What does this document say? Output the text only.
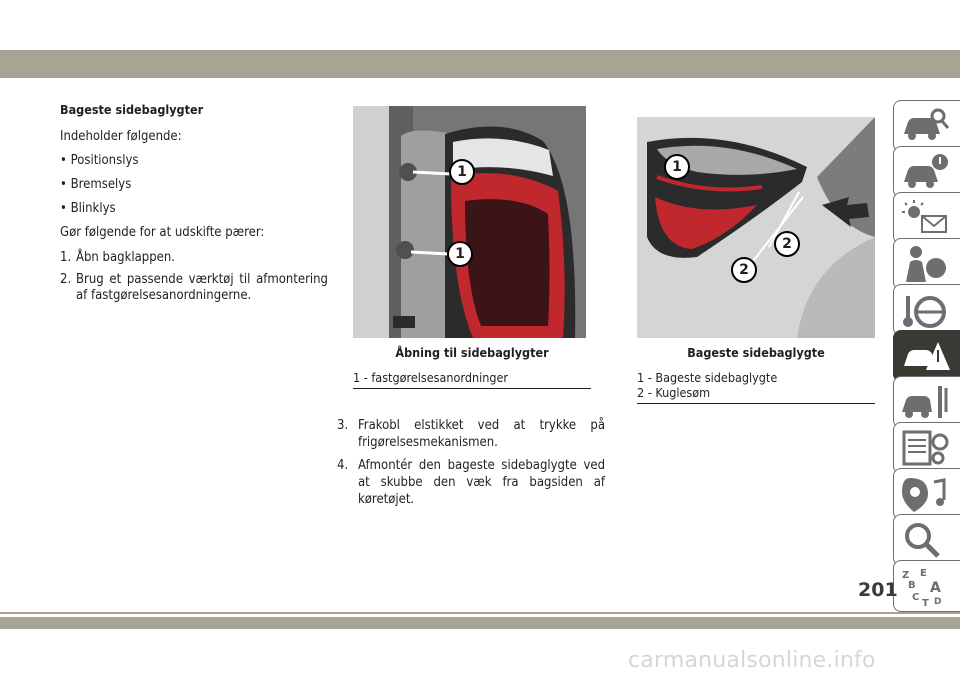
Bageste sidebaglygter

Indeholder følgende:

• Positionslys

• Bremselys

• Blinklys

Gør følgende for at udskifte pærer:

1. Åbn bagklappen.
2. Brug et passende værktøj til afmontering af fastgørelsesanordningerne.
1
1
Åbning til sidebaglygter
1 - fastgørelsesanordninger
1
2
2
Bageste sidebaglygte
1 - Bageste sidebaglygte
2 - Kuglesøm
3. Frakobl elstikket ved at trykke på frigørelsesmekanismen.
4. Afmontér den bageste sidebaglygte ved at skubbe den væk fra bagsiden af køretøjet.
Z E
B A
C
T D
201
carmanualsonline.info
